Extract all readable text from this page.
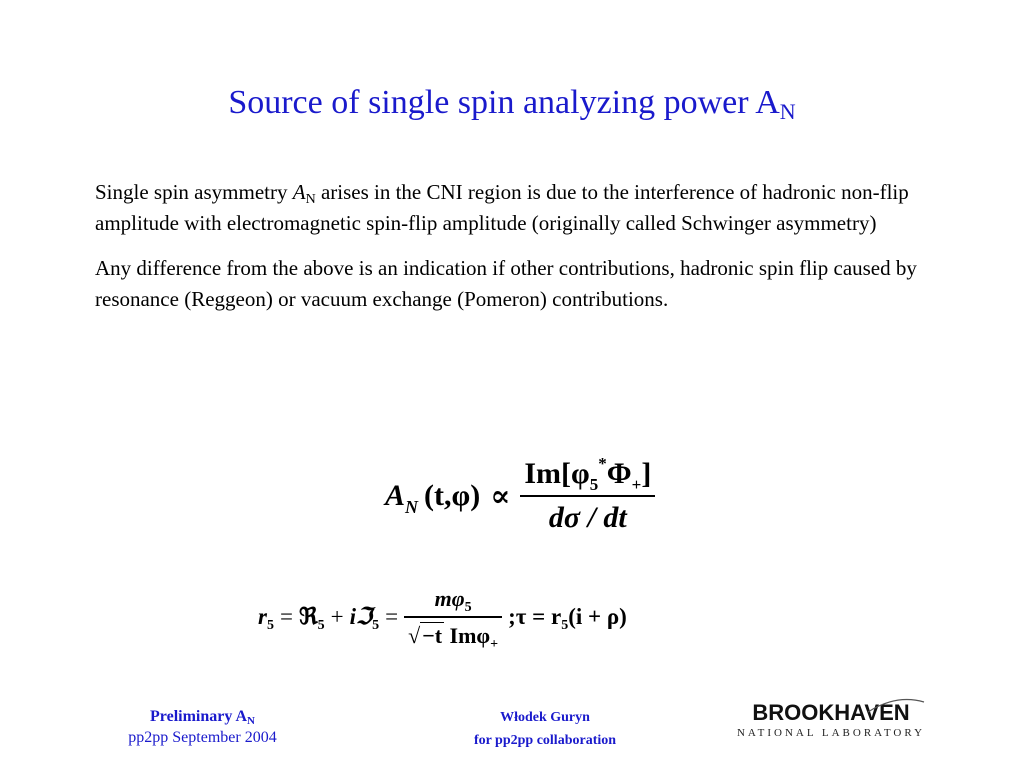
Source of single spin analyzing power $A_N$

Single spin asymmetry $A_N$ arises in the CNI region is due to the interference of hadronic non-flip amplitude with electromagnetic spin-flip amplitude (originally called Schwinger asymmetry)

Any difference from the above is an indication if other contributions, hadronic spin flip caused by resonance (Reggeon) or vacuum exchange (Pomeron) contributions.

$A_N$ $(t,\varphi) \propto \frac{Im[\varphi_5^*\Phi_+]}{d\sigma / dt}$
$r_5$ = ℜ$_5$ + iℑ$_5$ = $\frac{m\varphi_5}{√ -t Im\varphi_+}$ ;τ = $r_5(i + \rho)$
Preliminary $A_N$
pp2pp September 2004
Włodek Guryn
for pp2pp collaboration
BROOKHAVEN
NATIONAL LABORATORY
